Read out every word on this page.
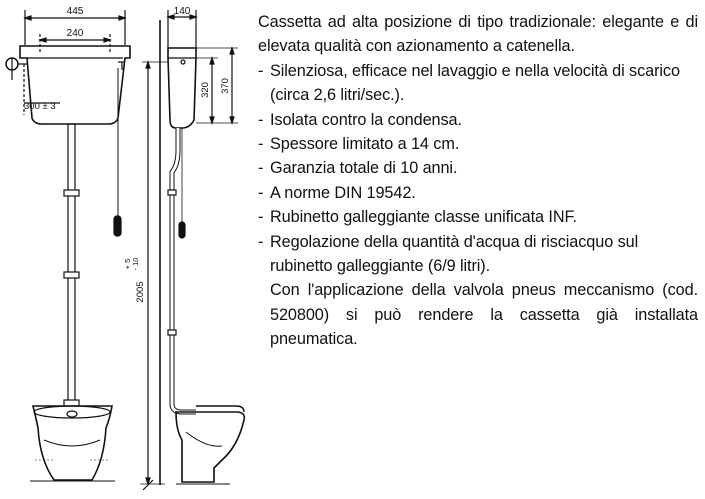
445
240
300 ± 3
140
320 370
2005
+ 5 - 10

Cassetta ad alta posizione di tipo tradizionale: elegante e di elevata qualità con azionamento a catenella.

- Silenziosa, efficace nel lavaggio e nella velocità di scarico (circa 2,6 litri/sec.).
- Isolata contro la condensa.
- Spessore limitato a 14 cm.
- Garanzia totale di 10 anni.
- A norme DIN 19542.
- Rubinetto galleggiante classe unificata INF.
- Regolazione della quantità d'acqua di risciacquo sul rubinetto galleggiante (6/9 litri).

Con l'applicazione della valvola pneus meccanismo (cod. 520800) si può rendere la cassetta già installata pneumatica.
